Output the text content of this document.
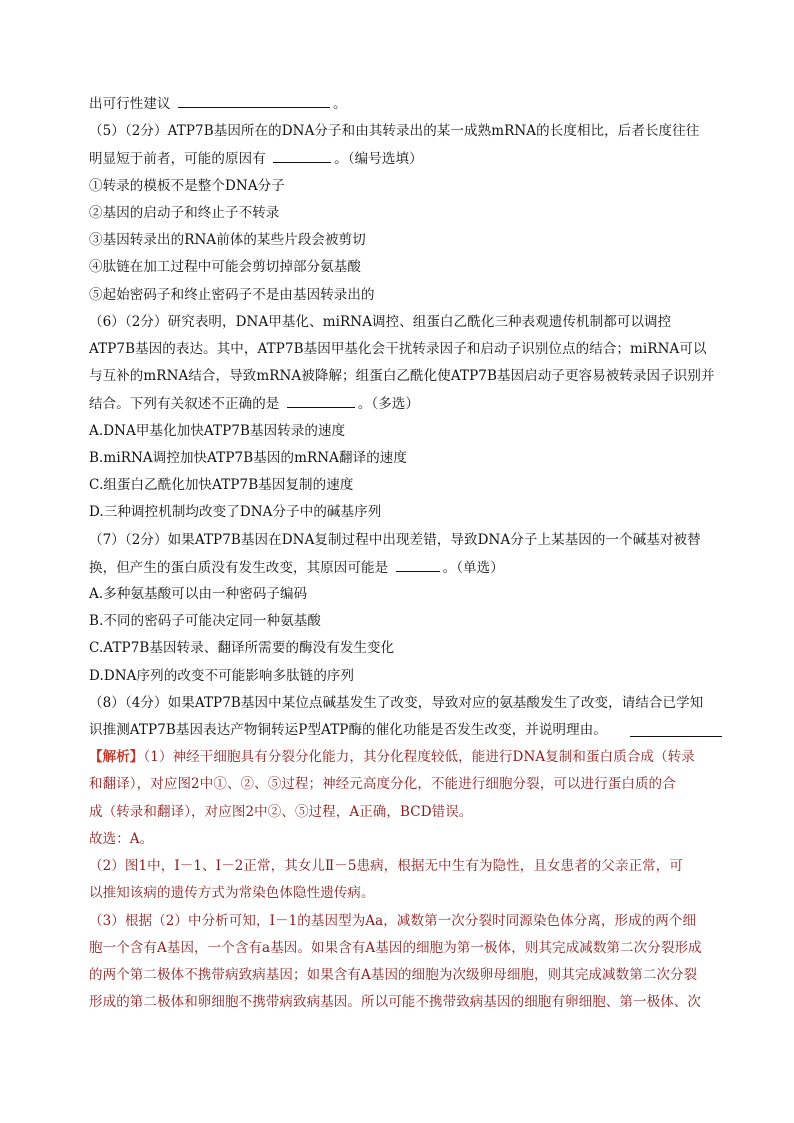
出可行性建议	。
（5）（2分）ATP7B基因所在的DNA分子和由其转录出的某一成熟mRNA的长度相比，后者长度往往
明显短于前者，可能的原因有	。（编号选填）
①转录的模板不是整个DNA分子
②基因的启动子和终止子不转录
③基因转录出的RNA前体的某些片段会被剪切
④肽链在加工过程中可能会剪切掉部分氨基酸
⑤起始密码子和终止密码子不是由基因转录出的
（6）（2分）研究表明，DNA甲基化、miRNA调控、组蛋白乙酰化三种表观遗传机制都可以调控
ATP7B基因的表达。其中，ATP7B基因甲基化会干扰转录因子和启动子识别位点的结合；miRNA可以
与互补的mRNA结合，导致mRNA被降解；组蛋白乙酰化使ATP7B基因启动子更容易被转录因子识别并
结合。下列有关叙述不正确的是	。（多选）
A.DNA甲基化加快ATP7B基因转录的速度
B.miRNA调控加快ATP7B基因的mRNA翻译的速度
C.组蛋白乙酰化加快ATP7B基因复制的速度
D.三种调控机制均改变了DNA分子中的碱基序列
（7）（2分）如果ATP7B基因在DNA复制过程中出现差错，导致DNA分子上某基因的一个碱基对被替
换，但产生的蛋白质没有发生改变，其原因可能是	。（单选）
A.多种氨基酸可以由一种密码子编码
B.不同的密码子可能决定同一种氨基酸
C.ATP7B基因转录、翻译所需要的酶没有发生变化
D.DNA序列的改变不可能影响多肽链的序列
（8）（4分）如果ATP7B基因中某位点碱基发生了改变，导致对应的氨基酸发生了改变，请结合已学知
识推测ATP7B基因表达产物铜转运P型ATP酶的催化功能是否发生改变，并说明理由。
【解析】（1）神经干细胞具有分裂分化能力，其分化程度较低，能进行DNA复制和蛋白质合成（转录
和翻译），对应图2中①、②、⑤过程；神经元高度分化，不能进行细胞分裂，可以进行蛋白质的合
成（转录和翻译），对应图2中②、⑤过程，A正确，BCD错误。
故选：A。
（2）图1中，Ⅰ－1、Ⅰ－2正常，其女儿Ⅱ－5患病，根据无中生有为隐性，且女患者的父亲正常，可
以推知该病的遗传方式为常染色体隐性遗传病。
（3）根据（2）中分析可知，Ⅰ－1的基因型为Aa，减数第一次分裂时同源染色体分离，形成的两个细
胞一个含有A基因，一个含有a基因。如果含有A基因的细胞为第一极体，则其完成减数第二次分裂形成
的两个第二极体不携带病致病基因；如果含有A基因的细胞为次级卵母细胞，则其完成减数第二次分裂
形成的第二极体和卵细胞不携带病致病基因。所以可能不携带致病基因的细胞有卵细胞、第一极体、次
